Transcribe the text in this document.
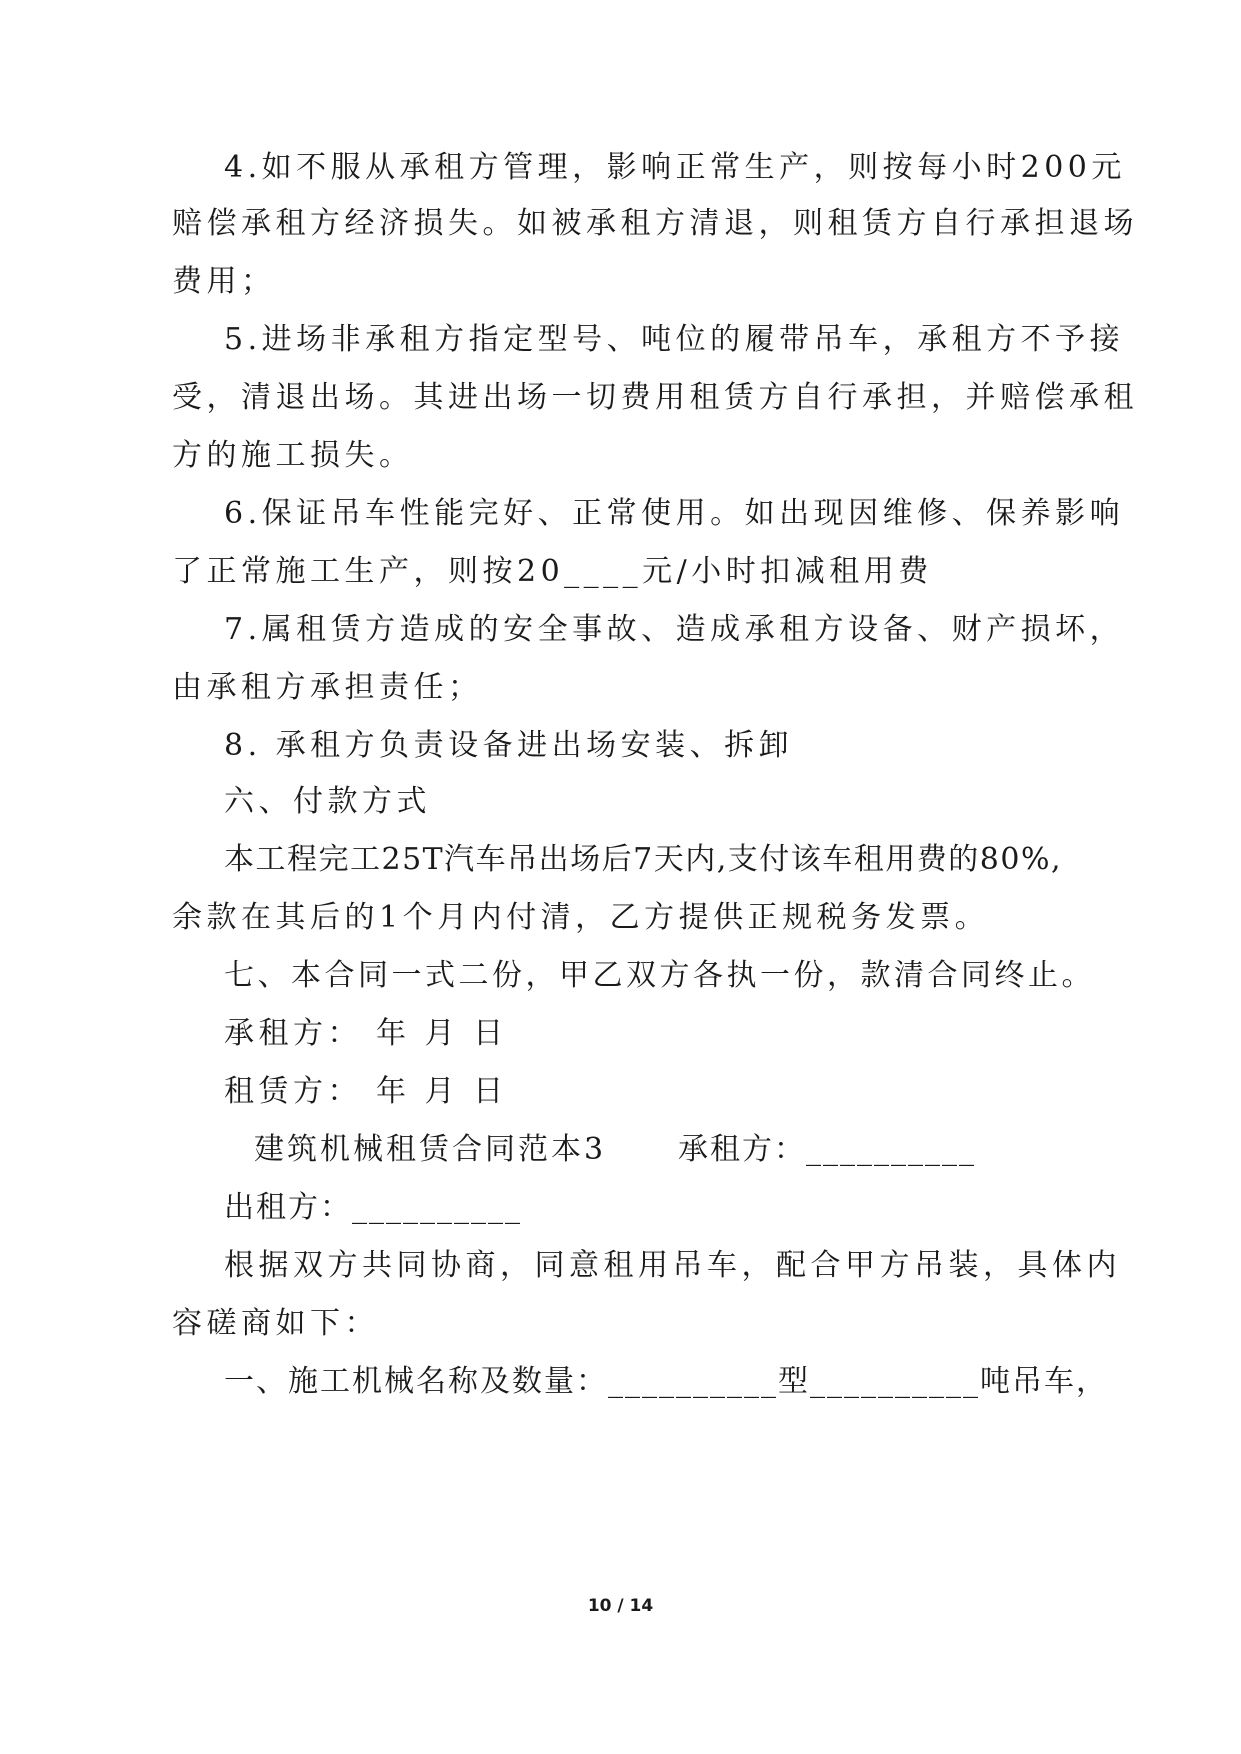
4.如不服从承租方管理，影响正常生产，则按每小时200元
赔偿承租方经济损失。如被承租方清退，则租赁方自行承担退场
费用；
5.进场非承租方指定型号、吨位的履带吊车，承租方不予接
受，清退出场。其进出场一切费用租赁方自行承担，并赔偿承租
方的施工损失。
6.保证吊车性能完好、正常使用。如出现因维修、保养影响
了正常施工生产，则按20____元/小时扣减租用费
7.属租赁方造成的安全事故、造成承租方设备、财产损坏，
由承租方承担责任；
8. 承租方负责设备进出场安装、拆卸
六、付款方式
本工程完工25T汽车吊出场后7天内,支付该车租用费的80%,
余款在其后的1个月内付清，乙方提供正规税务发票。
七、本合同一式二份，甲乙双方各执一份，款清合同终止。
承租方： 年 月 日
租赁方： 年 月 日
建筑机械租赁合同范本3 承租方：__________
出租方：__________
根据双方共同协商，同意租用吊车，配合甲方吊装，具体内
容磋商如下：
一、施工机械名称及数量：__________型__________吨吊车，
10 / 14
